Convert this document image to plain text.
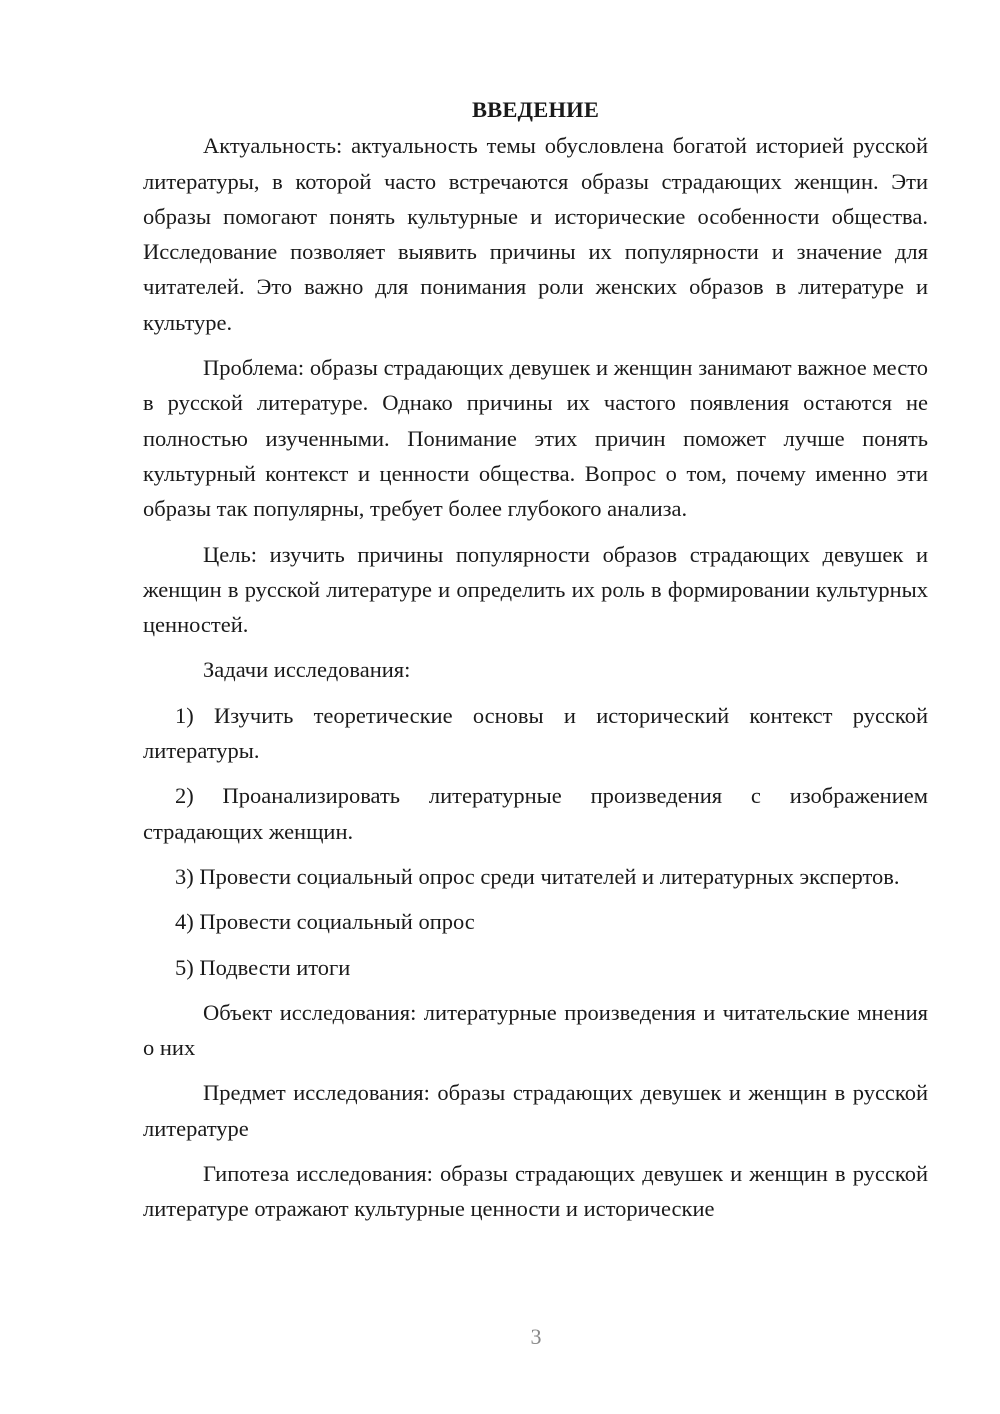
ВВЕДЕНИЕ

Актуальность: актуальность темы обусловлена богатой историей русской литературы, в которой часто встречаются образы страдающих женщин. Эти образы помогают понять культурные и исторические особенности общества. Исследование позволяет выявить причины их популярности и значение для читателей. Это важно для понимания роли женских образов в литературе и культуре.

Проблема: образы страдающих девушек и женщин занимают важное место в русской литературе. Однако причины их частого появления остаются не полностью изученными. Понимание этих причин поможет лучше понять культурный контекст и ценности общества. Вопрос о том, почему именно эти образы так популярны, требует более глубокого анализа.

Цель: изучить причины популярности образов страдающих девушек и женщин в русской литературе и определить их роль в формировании культурных ценностей.

Задачи исследования:

1) Изучить теоретические основы и исторический контекст русской литературы.

2) Проанализировать литературные произведения с изображением страдающих женщин.

3) Провести социальный опрос среди читателей и литературных экспертов.

4) Провести социальный опрос

5) Подвести итоги

Объект исследования: литературные произведения и читательские мнения о них

Предмет исследования: образы страдающих девушек и женщин в русской литературе

Гипотеза исследования: образы страдающих девушек и женщин в русской литературе отражают культурные ценности и исторические

3
